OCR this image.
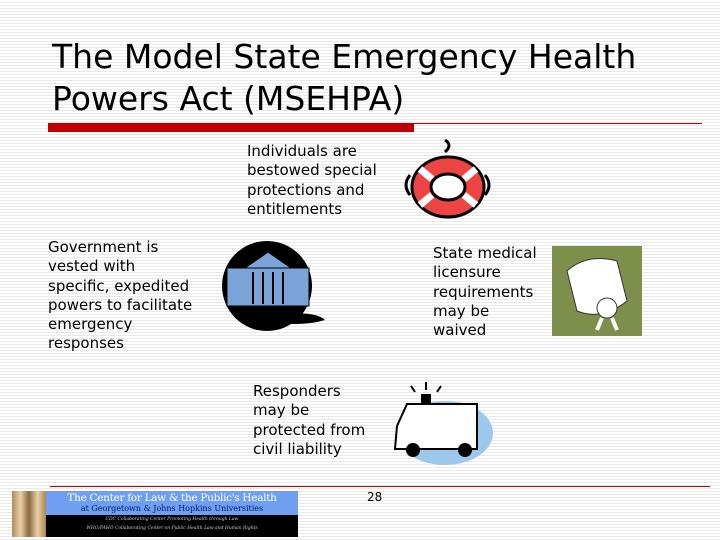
The Model State Emergency Health Powers Act (MSEHPA)
Individuals are
bestowed special
protections and
entitlements
Government is
vested with
specific, expedited
powers to facilitate
emergency
responses
State medical
licensure
requirements
may be
waived
Responders
may be
protected from
civil liability
The Center for Law & the Public's Health
at Georgetown & Johns Hopkins Universities
CDC Collaborating Center Promoting Health through Law
WHO/PAHO Collaborating Center on Public Health Law and Human Rights
28
